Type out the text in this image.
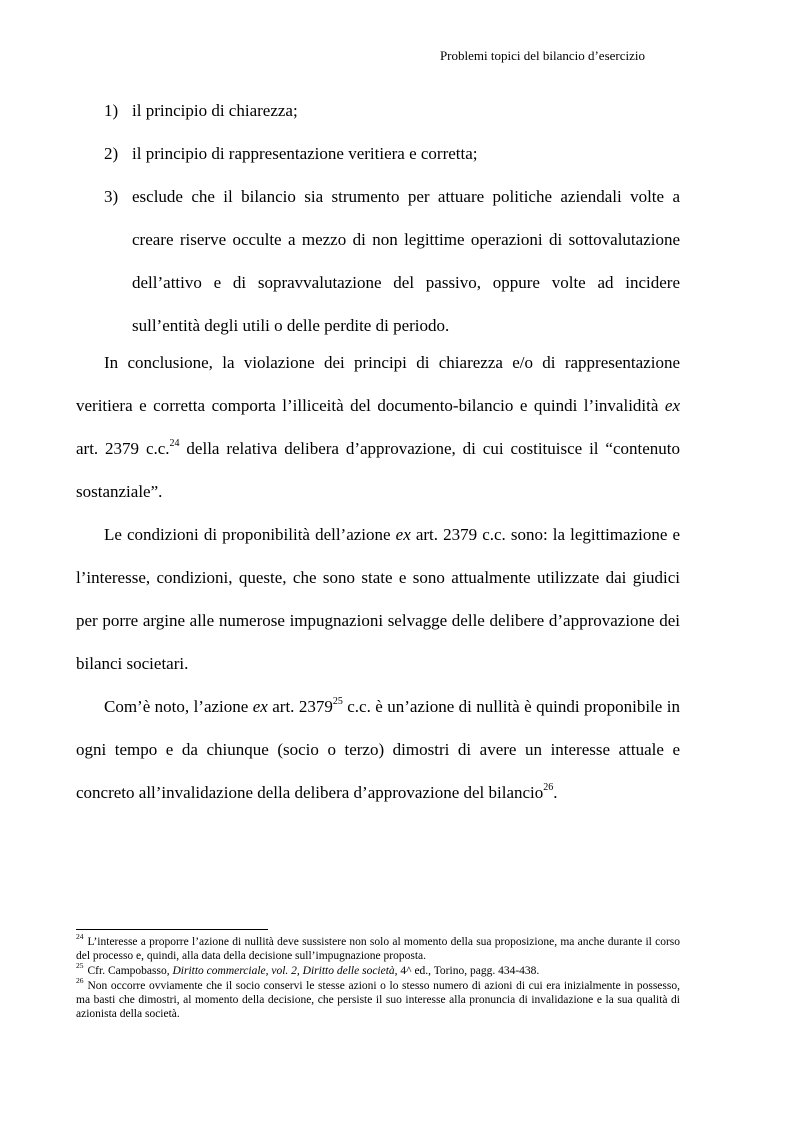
Problemi topici del bilancio d’esercizio
1) il principio di chiarezza;
2) il principio di rappresentazione veritiera e corretta;
3) esclude che il bilancio sia strumento per attuare politiche aziendali volte a creare riserve occulte a mezzo di non legittime operazioni di sottovalutazione dell’attivo e di sopravvalutazione del passivo, oppure volte ad incidere sull’entità degli utili o delle perdite di periodo.

In conclusione, la violazione dei principi di chiarezza e/o di rappresentazione veritiera e corretta comporta l’illiceità del documento-bilancio e quindi l’invalidità ex art. 2379 c.c.$^{24}$ della relativa delibera d’approvazione, di cui costituisce il “contenuto sostanziale”.

Le condizioni di proponibilità dell’azione ex art. 2379 c.c. sono: la legittimazione e l’interesse, condizioni, queste, che sono state e sono attualmente utilizzate dai giudici per porre argine alle numerose impugnazioni selvagge delle delibere d’approvazione dei bilanci societari.

Com’è noto, l’azione ex art. 2379$^{25}$ c.c. è un’azione di nullità è quindi proponibile in ogni tempo e da chiunque (socio o terzo) dimostri di avere un interesse attuale e concreto all’invalidazione della delibera d’approvazione del bilancio$^{26}$.

$^{24}$ L’interesse a proporre l’azione di nullità deve sussistere non solo al momento della sua proposizione, ma anche durante il corso del processo e, quindi, alla data della decisione sull’impugnazione proposta.

$^{25}$ Cfr. Campobasso, Diritto commerciale, vol. 2, Diritto delle società, 4^ ed., Torino, pagg. 434-438.

$^{26}$ Non occorre ovviamente che il socio conservi le stesse azioni o lo stesso numero di azioni di cui era inizialmente in possesso, ma basti che dimostri, al momento della decisione, che persiste il suo interesse alla pronuncia di invalidazione e la sua qualità di azionista della società.
